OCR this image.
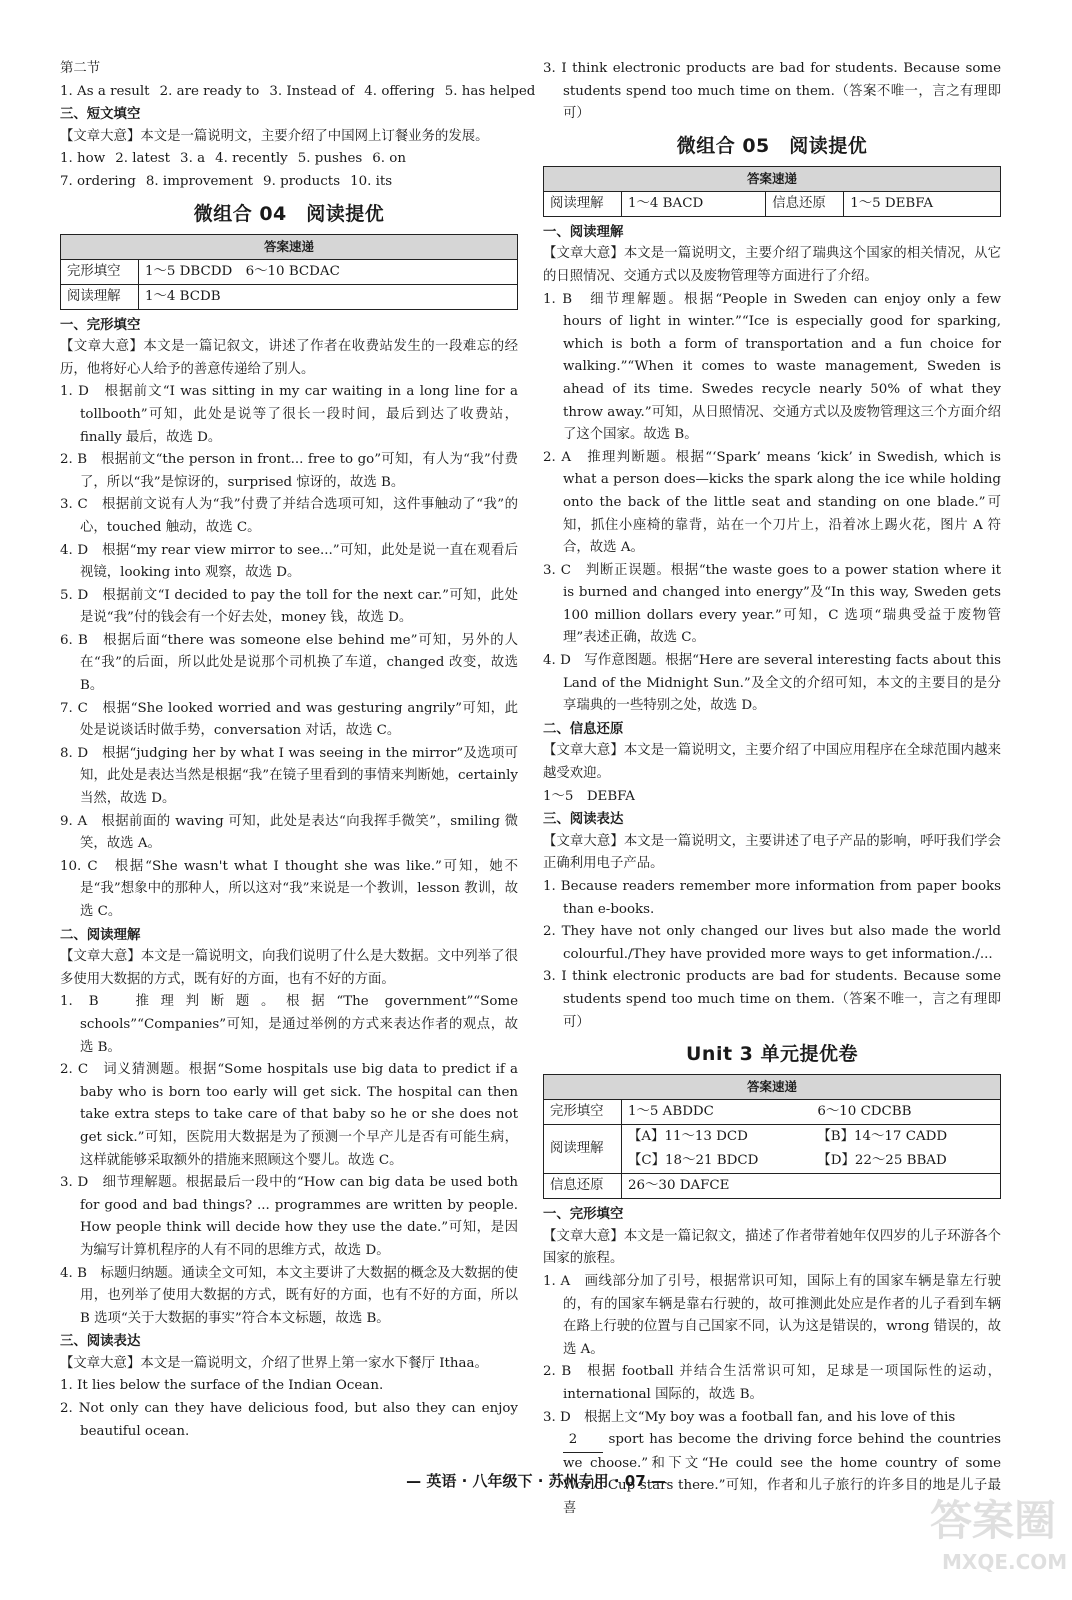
第二节
1. As a result 2. are ready to 3. Instead of 4. offering 5. has helped
三、短文填空
【文章大意】本文是一篇说明文，主要介绍了中国网上订餐业务的发展。
1. how 2. latest 3. a 4. recently 5. pushes 6. on
7. ordering 8. improvement 9. products 10. its
微组合 04　阅读提优
答案速递	
完形填空	1～5 DBCDD　6～10 BCDAC
阅读理解	1～4 BCDB
一、完形填空
【文章大意】本文是一篇记叙文，讲述了作者在收费站发生的一段难忘的经历，他将好心人给予的善意传递给了别人。
1. D　根据前文“I was sitting in my car waiting in a long line for a tollbooth”可知，此处是说等了很长一段时间，最后到达了收费站，finally 最后，故选 D。
2. B　根据前文“the person in front... free to go”可知，有人为“我”付费了，所以“我”是惊讶的，surprised 惊讶的，故选 B。
3. C　根据前文说有人为“我”付费了并结合选项可知，这件事触动了“我”的心，touched 触动，故选 C。
4. D　根据“my rear view mirror to see...”可知，此处是说一直在观看后视镜，looking into 观察，故选 D。
5. D　根据前文“I decided to pay the toll for the next car.”可知，此处是说“我”付的钱会有一个好去处，money 钱，故选 D。
6. B　根据后面“there was someone else behind me”可知，另外的人在“我”的后面，所以此处是说那个司机换了车道，changed 改变，故选 B。
7. C　根据“She looked worried and was gesturing angrily”可知，此处是说谈话时做手势，conversation 对话，故选 C。
8. D　根据“judging her by what I was seeing in the mirror”及选项可知，此处是表达当然是根据“我”在镜子里看到的事情来判断她，certainly 当然，故选 D。
9. A　根据前面的 waving 可知，此处是表达“向我挥手微笑”，smiling 微笑，故选 A。
10. C　根据“She wasn't what I thought she was like.”可知，她不是“我”想象中的那种人，所以这对“我”来说是一个教训，lesson 教训，故选 C。
二、阅读理解
【文章大意】本文是一篇说明文，向我们说明了什么是大数据。文中列举了很多使用大数据的方式，既有好的方面，也有不好的方面。
1. B　推理判断题。根据“The government”“Some schools”“Companies”可知，是通过举例的方式来表达作者的观点，故选 B。
2. C　词义猜测题。根据“Some hospitals use big data to predict if a baby who is born too early will get sick. The hospital can then take extra steps to take care of that baby so he or she does not get sick.”可知，医院用大数据是为了预测一个早产儿是否有可能生病，这样就能够采取额外的措施来照顾这个婴儿。故选 C。
3. D　细节理解题。根据最后一段中的“How can big data be used both for good and bad things? ... programmes are written by people. How people think will decide how they use the date.”可知，是因为编写计算机程序的人有不同的思维方式，故选 D。
4. B　标题归纳题。通读全文可知，本文主要讲了大数据的概念及大数据的使用，也列举了使用大数据的方式，既有好的方面，也有不好的方面，所以 B 选项“关于大数据的事实”符合本文标题，故选 B。
三、阅读表达
【文章大意】本文是一篇说明文，介绍了世界上第一家水下餐厅 Ithaa。
1. It lies below the surface of the Indian Ocean.
2. Not only can they have delicious food, but also they can enjoy beautiful ocean.
3. I think electronic products are bad for students. Because some students spend too much time on them.（答案不唯一，言之有理即可）
微组合 05　阅读提优
答案速递
阅读理解	1～4 BACD	信息还原	1～5 DEBFA
一、阅读理解
【文章大意】本文是一篇说明文，主要介绍了瑞典这个国家的相关情况，从它的日照情况、交通方式以及废物管理等方面进行了介绍。
1. B　细节理解题。根据“People in Sweden can enjoy only a few hours of light in winter.”“Ice is especially good for sparking, which is both a form of transportation and a fun choice for walking.”“When it comes to waste management, Sweden is ahead of its time. Swedes recycle nearly 50% of what they throw away.”可知，从日照情况、交通方式以及废物管理这三个方面介绍了这个国家。故选 B。
2. A　推理判断题。根据“‘Spark’ means ‘kick’ in Swedish, which is what a person does—kicks the spark along the ice while holding onto the back of the little seat and standing on one blade.”可知，抓住小座椅的靠背，站在一个刀片上，沿着冰上踢火花，图片 A 符合，故选 A。
3. C　判断正误题。根据“the waste goes to a power station where it is burned and changed into energy”及“In this way, Sweden gets 100 million dollars every year.”可知，C 选项“瑞典受益于废物管理”表述正确，故选 C。
4. D　写作意图题。根据“Here are several interesting facts about this Land of the Midnight Sun.”及全文的介绍可知，本文的主要目的是分享瑞典的一些特别之处，故选 D。
二、信息还原
【文章大意】本文是一篇说明文，主要介绍了中国应用程序在全球范围内越来越受欢迎。
1～5　DEBFA
三、阅读表达
【文章大意】本文是一篇说明文，主要讲述了电子产品的影响，呼吁我们学会正确利用电子产品。
1. Because readers remember more information from paper books than e-books.
2. They have not only changed our lives but also made the world colourful./They have provided more ways to get information./...
3. I think electronic products are bad for students. Because some students spend too much time on them.（答案不唯一，言之有理即可）
Unit 3 单元提优卷
答案速递		
完形填空	1～5 ABDDC	6～10 CDCBB
阅读理解	【A】11～13 DCD	【B】14～17 CADD
	【C】18～21 BDCD	【D】22～25 BBAD
信息还原	26～30 DAFCE	
一、完形填空
【文章大意】本文是一篇记叙文，描述了作者带着她年仅四岁的儿子环游各个国家的旅程。
1. A　画线部分加了引号，根据常识可知，国际上有的国家车辆是靠左行驶的，有的国家车辆是靠右行驶的，故可推测此处应是作者的儿子看到车辆在路上行驶的位置与自己国家不同，认为这是错误的，wrong 错误的，故选 A。
2. B　根据 football 并结合生活常识可知，足球是一项国际性的运动，international 国际的，故选 B。
3. D　根据上文“My boy was a football fan, and his love of this
2 sport has become the driving force behind the countries we choose.”和下文“He could see the home country of some World Cup stars there.”可知，作者和儿子旅行的许多目的地是儿子最喜
— 英语 · 八年级下 · 苏州专用 · 07 —
答案圈
MXQE.COM
